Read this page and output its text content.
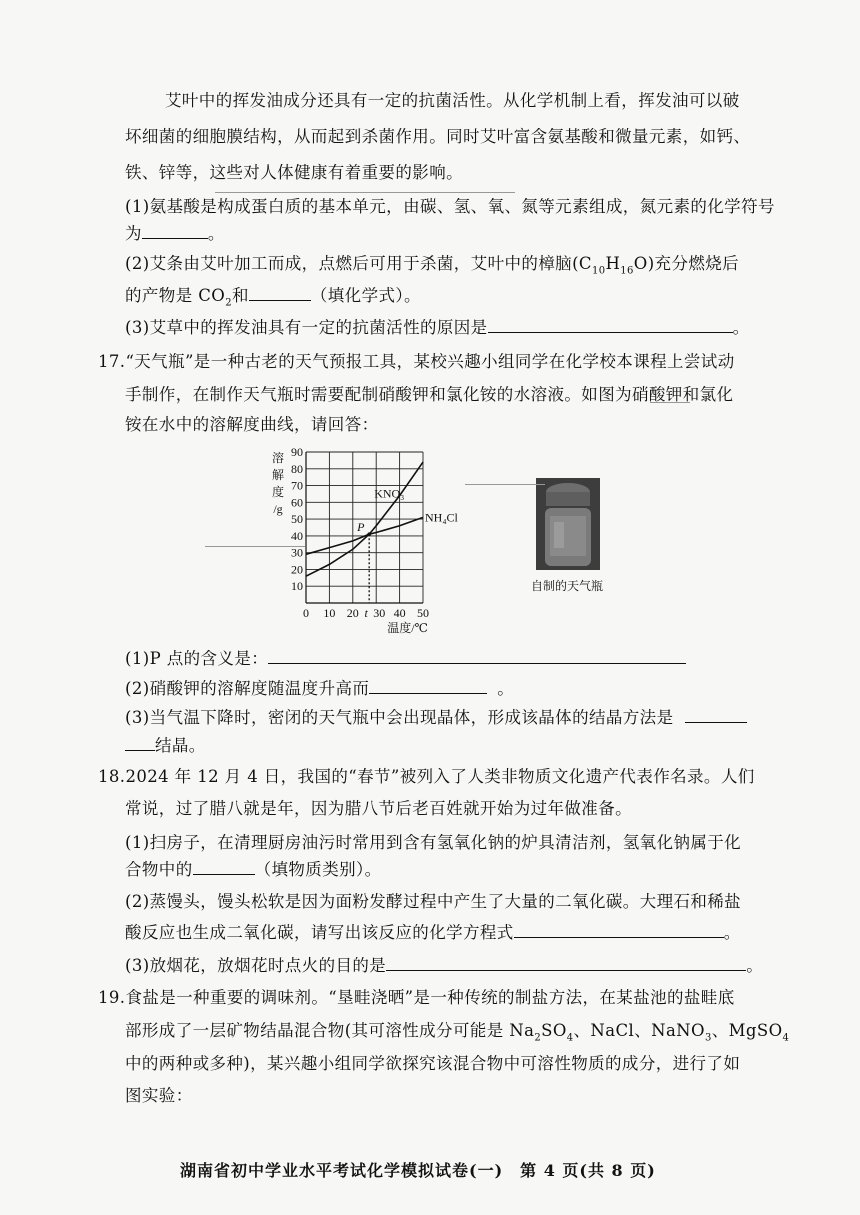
艾叶中的挥发油成分还具有一定的抗菌活性。从化学机制上看，挥发油可以破
坏细菌的细胞膜结构，从而起到杀菌作用。同时艾叶富含氨基酸和微量元素，如钙、
铁、锌等，这些对人体健康有着重要的影响。
(1)氨基酸是构成蛋白质的基本单元，由碳、氢、氧、氮等元素组成，氮元素的化学符号
为	。
(2)艾条由艾叶加工而成，点燃后可用于杀菌，艾叶中的樟脑$(C_{10}H_{16}O)$充分燃烧后
的产物是 $CO_2$和	（填化学式）。
(3)艾草中的挥发油具有一定的抗菌活性的原因是	。
17.“天气瓶”是一种古老的天气预报工具，某校兴趣小组同学在化学校本课程上尝试动
手制作，在制作天气瓶时需要配制硝酸钾和氯化铵的水溶液。如图为硝酸钾和氯化
铵在水中的溶解度曲线，请回答：
10
20
30
40
50
60
70
80
90
0 10 20 t 30 40 50
溶
解
度
/g
温度/℃
KNO₃
NH₄Cl
P
自制的天气瓶
(1)P 点的含义是：
(2)硝酸钾的溶解度随温度升高而	。
(3)当气温下降时，密闭的天气瓶中会出现晶体，形成该晶体的结晶方法是
结晶。
18.2024 年 12 月 4 日，我国的“春节”被列入了人类非物质文化遗产代表作名录。人们
常说，过了腊八就是年，因为腊八节后老百姓就开始为过年做准备。
(1)扫房子，在清理厨房油污时常用到含有氢氧化钠的炉具清洁剂，氢氧化钠属于化
合物中的	（填物质类别）。
(2)蒸馒头，馒头松软是因为面粉发酵过程中产生了大量的二氧化碳。大理石和稀盐
酸反应也生成二氧化碳，请写出该反应的化学方程式	。
(3)放烟花，放烟花时点火的目的是	。
19.食盐是一种重要的调味剂。“垦畦浇晒”是一种传统的制盐方法，在某盐池的盐畦底
部形成了一层矿物结晶混合物(其可溶性成分可能是 $Na_2SO_4$、NaCl、NaNO$_3$、MgSO$_4$
中的两种或多种)，某兴趣小组同学欲探究该混合物中可溶性物质的成分，进行了如
图实验：
湖南省初中学业水平考试化学模拟试卷(一)　第 4 页(共 8 页)
